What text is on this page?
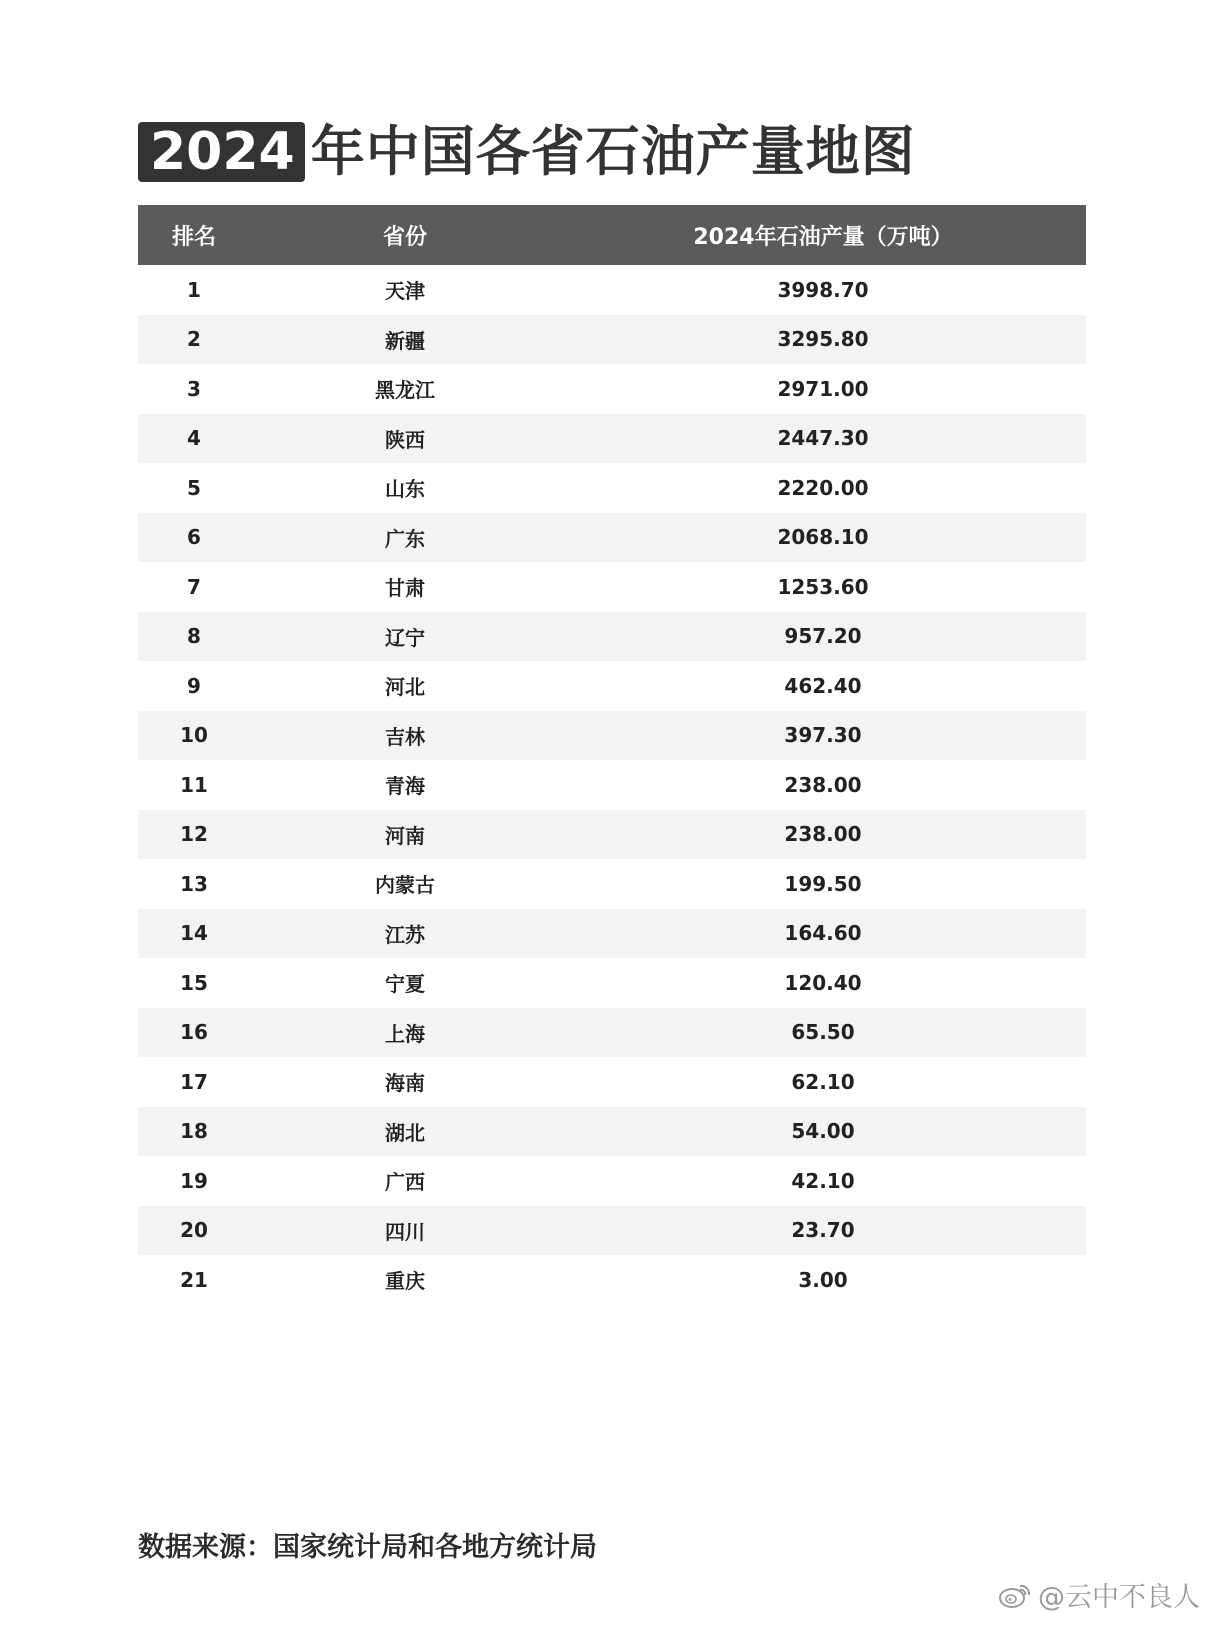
2024 年中国各省石油产量地图
排名	省份	2024年石油产量（万吨）
1	天津	3998.70
2	新疆	3295.80
3	黑龙江	2971.00
4	陕西	2447.30
5	山东	2220.00
6	广东	2068.10
7	甘肃	1253.60
8	辽宁	957.20
9	河北	462.40
10	吉林	397.30
11	青海	238.00
12	河南	238.00
13	内蒙古	199.50
14	江苏	164.60
15	宁夏	120.40
16	上海	65.50
17	海南	62.10
18	湖北	54.00
19	广西	42.10
20	四川	23.70
21	重庆	3.00
数据来源：国家统计局和各地方统计局
@云中不良人
